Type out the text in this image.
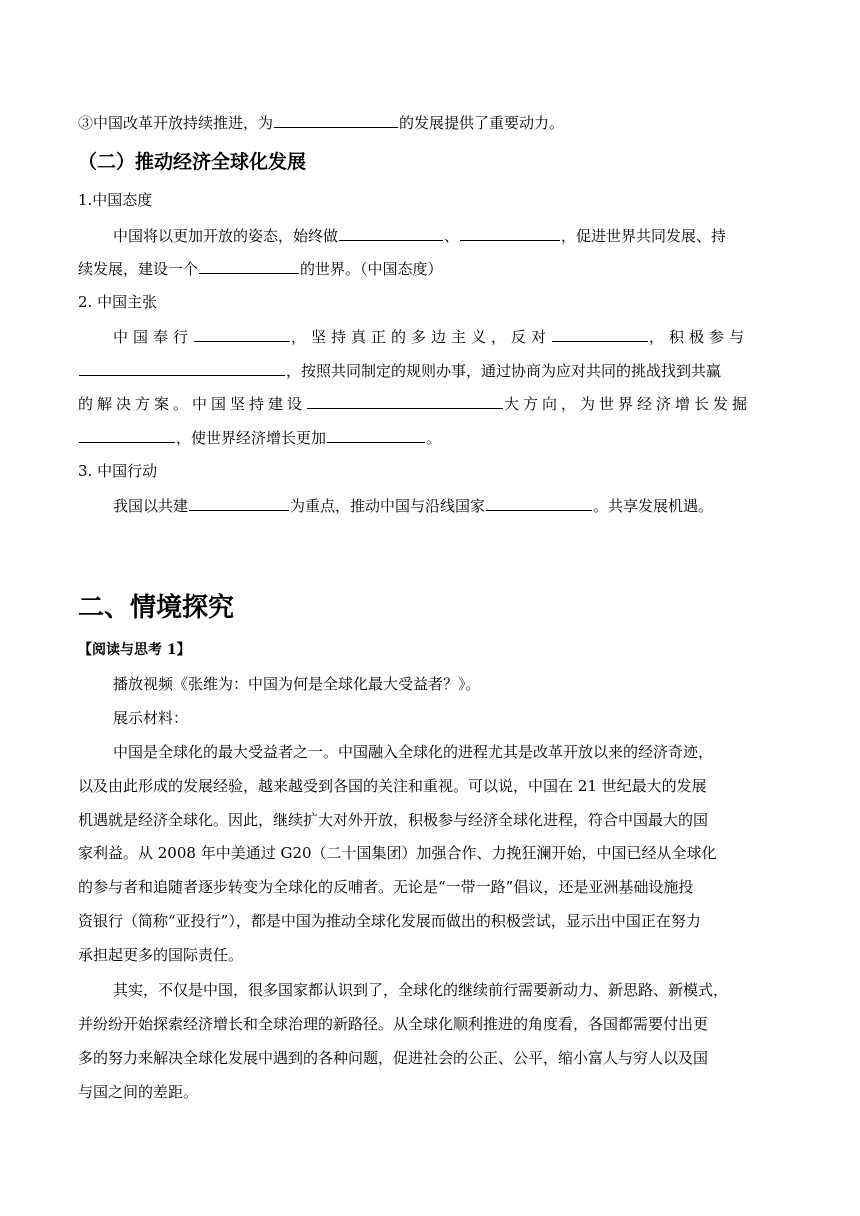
③中国改革开放持续推进，为	的发展提供了重要动力。
（二）推动经济全球化发展
1.中国态度
中国将以更加开放的姿态，始终做	、	，促进世界共同发展、持
续发展，建设一个	的世界。（中国态度）
2. 中国主张
中国奉行	，坚持真正的多边主义，反对	，积极参与
，按照共同制定的规则办事，通过协商为应对共同的挑战找到共赢
的解决方案。中国坚持建设	大方向，为世界经济增长发掘
，使世界经济增长更加	。
3. 中国行动
我国以共建	为重点，推动中国与沿线国家	。共享发展机遇。
二、情境探究
【阅读与思考 1】
播放视频《张维为：中国为何是全球化最大受益者？》。
展示材料：
中国是全球化的最大受益者之一。中国融入全球化的进程尤其是改革开放以来的经济奇迹，
以及由此形成的发展经验，越来越受到各国的关注和重视。可以说，中国在 21 世纪最大的发展
机遇就是经济全球化。因此，继续扩大对外开放，积极参与经济全球化进程，符合中国最大的国
家利益。从 2008 年中美通过 G20（二十国集团）加强合作、力挽狂澜开始，中国已经从全球化
的参与者和追随者逐步转变为全球化的反哺者。无论是“一带一路”倡议，还是亚洲基础设施投
资银行（简称“亚投行”），都是中国为推动全球化发展而做出的积极尝试，显示出中国正在努力
承担起更多的国际责任。
其实，不仅是中国，很多国家都认识到了，全球化的继续前行需要新动力、新思路、新模式，
并纷纷开始探索经济增长和全球治理的新路径。从全球化顺利推进的角度看，各国都需要付出更
多的努力来解决全球化发展中遇到的各种问题，促进社会的公正、公平，缩小富人与穷人以及国
与国之间的差距。
